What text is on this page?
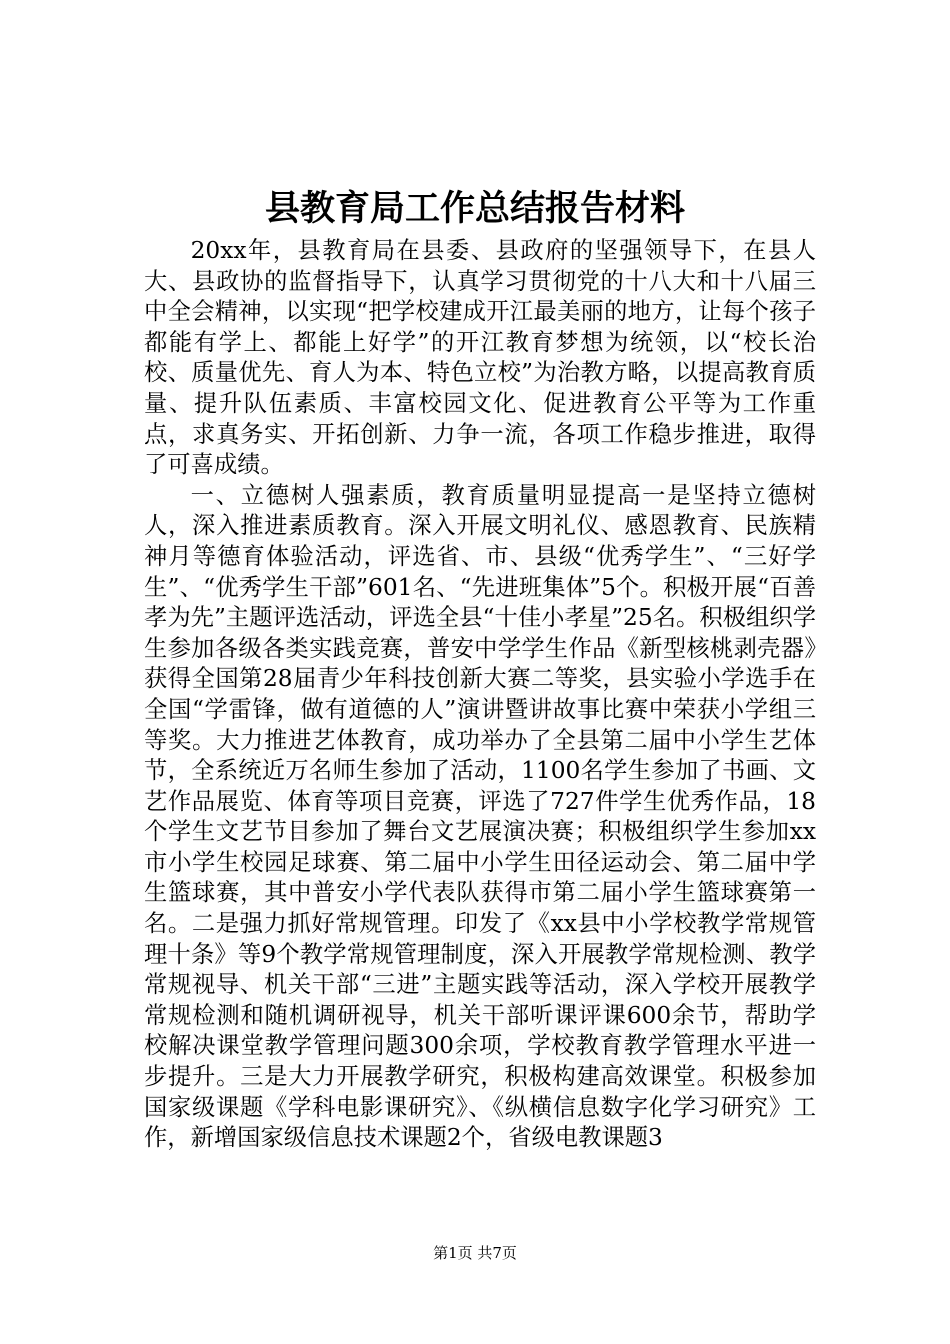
县教育局工作总结报告材料

20xx年，县教育局在县委、县政府的坚强领导下，在县人大、县政协的监督指导下，认真学习贯彻党的十八大和十八届三中全会精神，以实现“把学校建成开江最美丽的地方，让每个孩子都能有学上、都能上好学”的开江教育梦想为统领，以“校长治校、质量优先、育人为本、特色立校”为治教方略，以提高教育质量、提升队伍素质、丰富校园文化、促进教育公平等为工作重点，求真务实、开拓创新、力争一流，各项工作稳步推进，取得了可喜成绩。

一、立德树人强素质，教育质量明显提高一是坚持立德树人，深入推进素质教育。深入开展文明礼仪、感恩教育、民族精神月等德育体验活动，评选省、市、县级“优秀学生”、“三好学生”、“优秀学生干部”601名、“先进班集体”5个。积极开展“百善孝为先”主题评选活动，评选全县“十佳小孝星”25名。积极组织学生参加各级各类实践竞赛，普安中学学生作品《新型核桃剥壳器》获得全国第28届青少年科技创新大赛二等奖，县实验小学选手在全国“学雷锋，做有道德的人”演讲暨讲故事比赛中荣获小学组三等奖。大力推进艺体教育，成功举办了全县第二届中小学生艺体节，全系统近万名师生参加了活动，1100名学生参加了书画、文艺作品展览、体育等项目竞赛，评选了727件学生优秀作品，18个学生文艺节目参加了舞台文艺展演决赛；积极组织学生参加xx市小学生校园足球赛、第二届中小学生田径运动会、第二届中学生篮球赛，其中普安小学代表队获得市第二届小学生篮球赛第一名。二是强力抓好常规管理。印发了《xx县中小学校教学常规管理十条》等9个教学常规管理制度，深入开展教学常规检测、教学常规视导、机关干部“三进”主题实践等活动，深入学校开展教学常规检测和随机调研视导，机关干部听课评课600余节，帮助学校解决课堂教学管理问题300余项，学校教育教学管理水平进一步提升。三是大力开展教学研究，积极构建高效课堂。积极参加国家级课题《学科电影课研究》、《纵横信息数字化学习研究》工作，新增国家级信息技术课题2个，省级电教课题3

第1页 共7页
